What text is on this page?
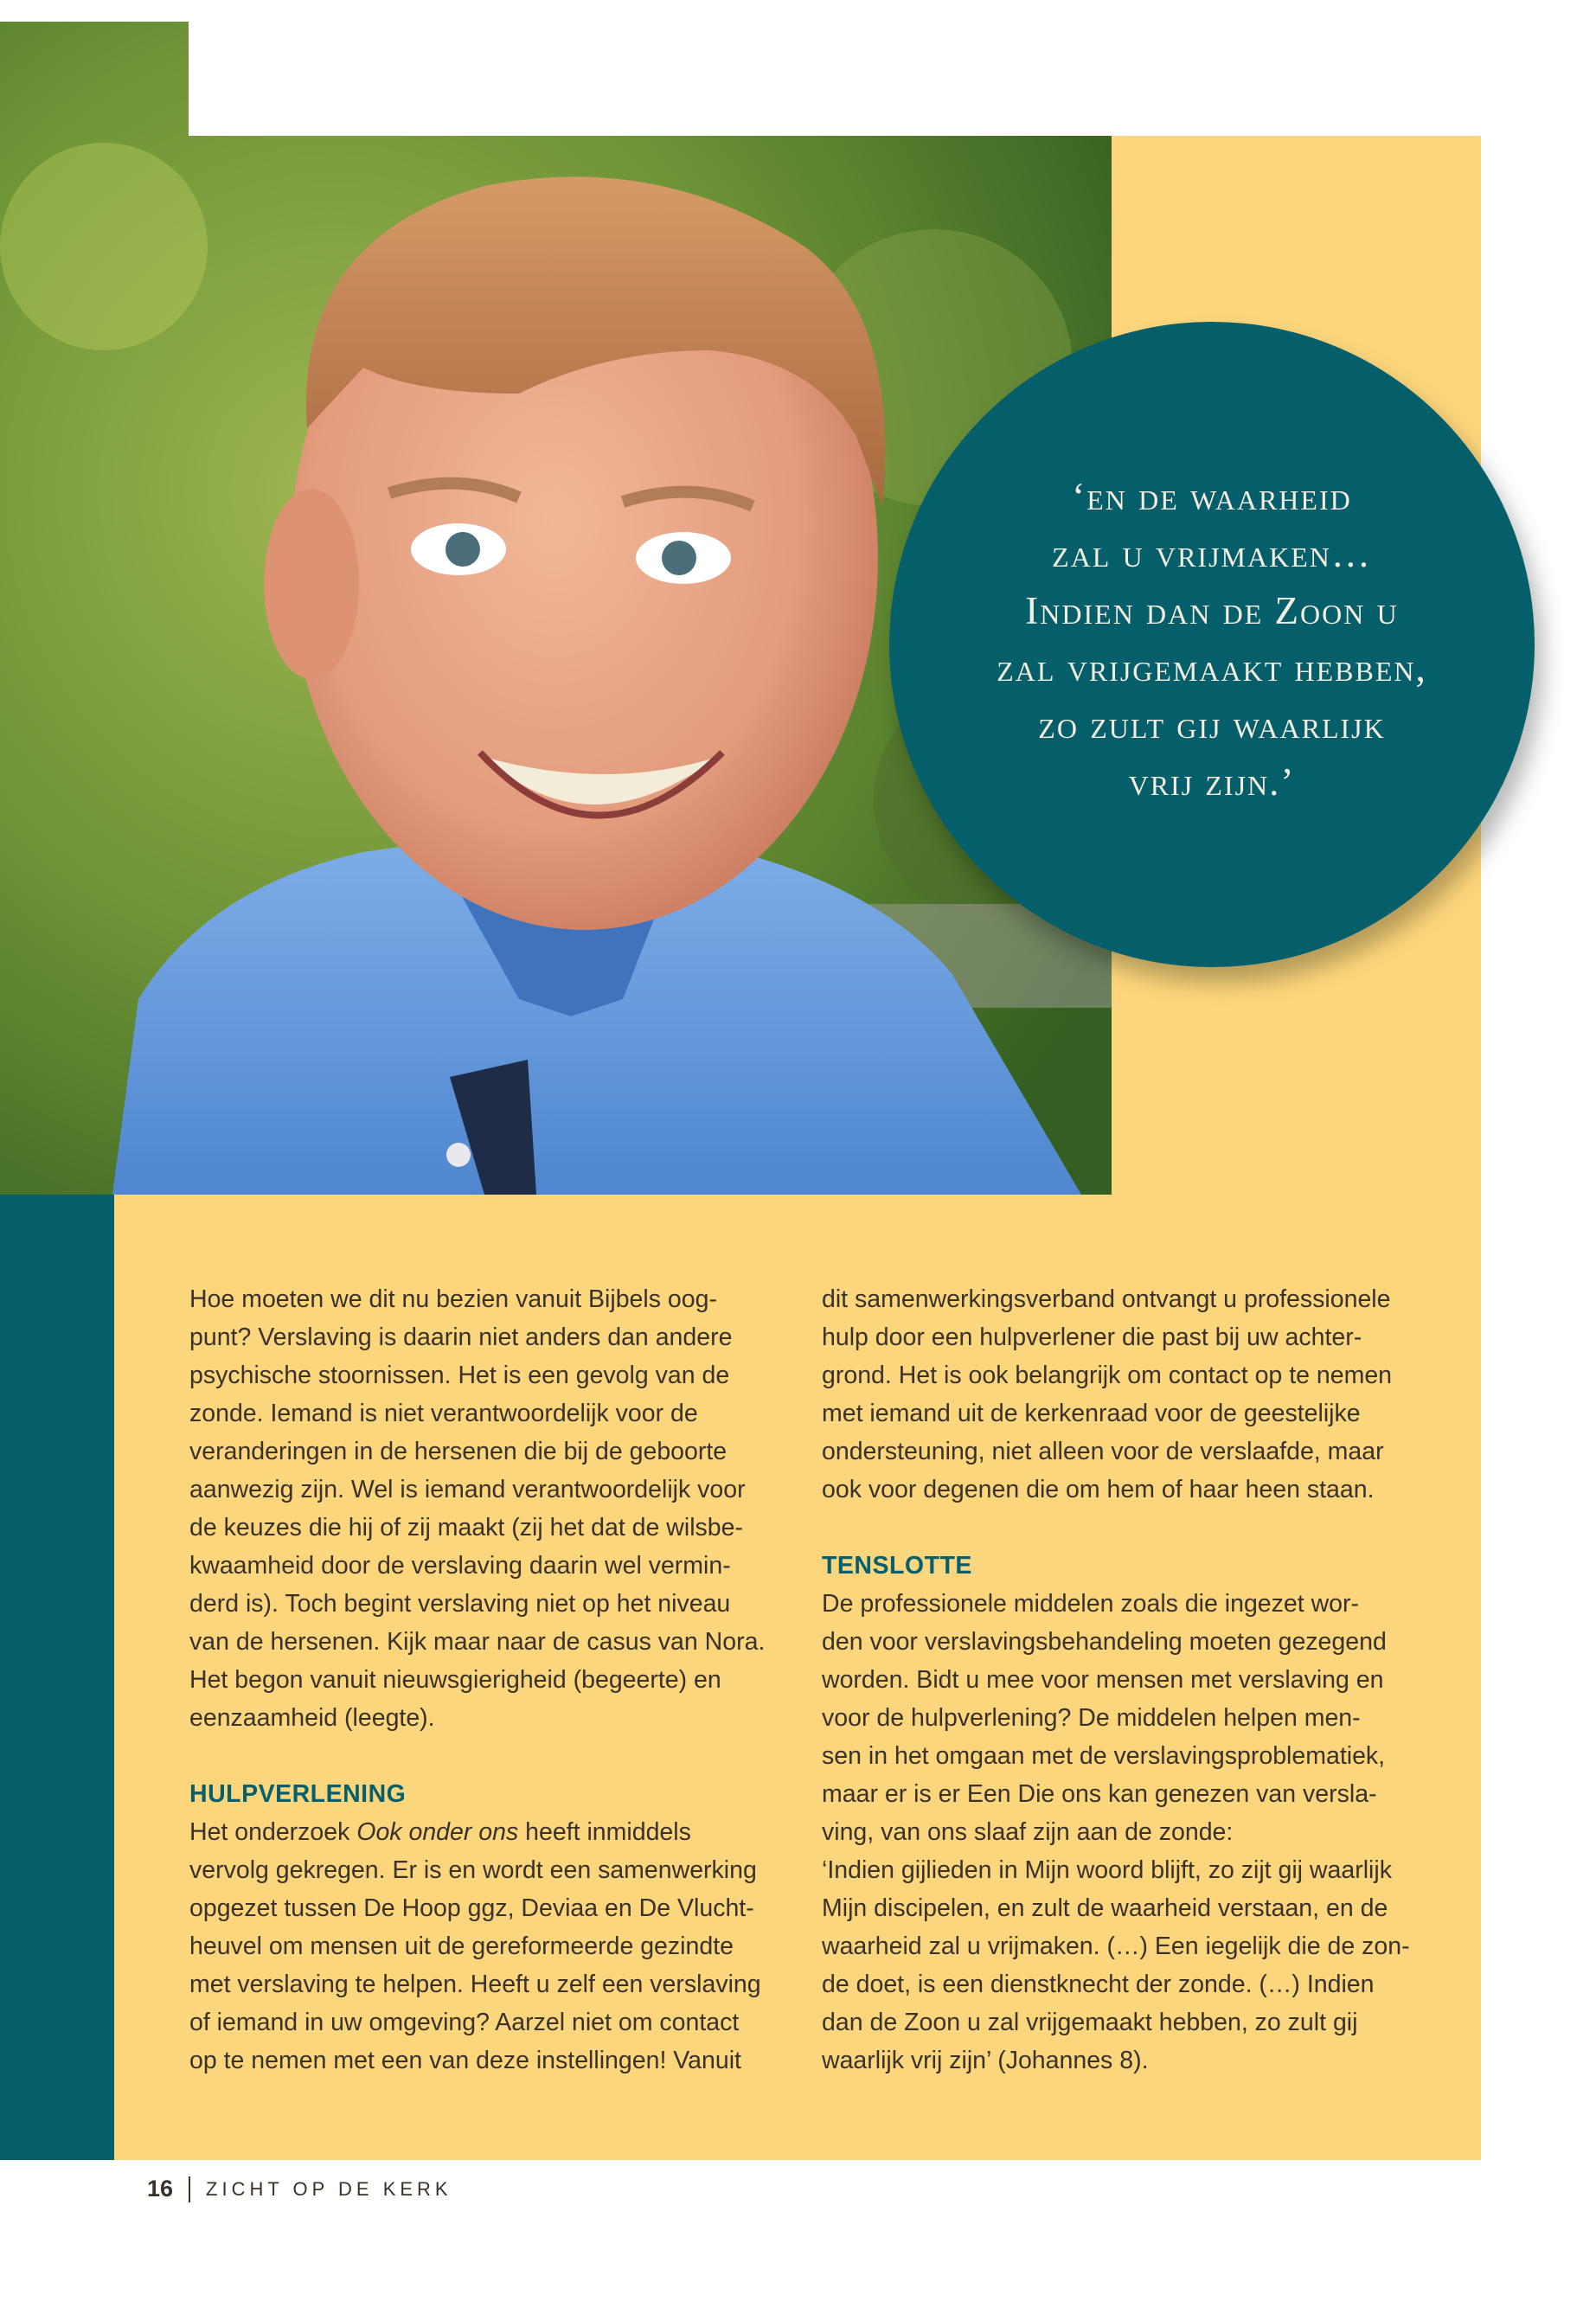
‘en de waarheid
zal u vrijmaken…
Indien dan de Zoon u
zal vrijgemaakt hebben,
zo zult gij waarlijk
vrij zijn.’

Hoe moeten we dit nu bezien vanuit Bijbels oog-
punt? Verslaving is daarin niet anders dan andere
psychische stoornissen. Het is een gevolg van de
zonde. Iemand is niet verantwoordelijk voor de
veranderingen in de hersenen die bij de geboorte
aanwezig zijn. Wel is iemand verantwoordelijk voor
de keuzes die hij of zij maakt (zij het dat de wilsbe-
kwaamheid door de verslaving daarin wel vermin-
derd is). Toch begint verslaving niet op het niveau
van de hersenen. Kijk maar naar de casus van Nora.
Het begon vanuit nieuwsgierigheid (begeerte) en
eenzaamheid (leegte).

HULPVERLENING

Het onderzoek Ook onder ons heeft inmiddels
vervolg gekregen. Er is en wordt een samenwerking
opgezet tussen De Hoop ggz, Deviaa en De Vlucht-
heuvel om mensen uit de gereformeerde gezindte
met verslaving te helpen. Heeft u zelf een verslaving
of iemand in uw omgeving? Aarzel niet om contact
op te nemen met een van deze instellingen! Vanuit

dit samenwerkingsverband ontvangt u professionele
hulp door een hulpverlener die past bij uw achter-
grond. Het is ook belangrijk om contact op te nemen
met iemand uit de kerkenraad voor de geestelijke
ondersteuning, niet alleen voor de verslaafde, maar
ook voor degenen die om hem of haar heen staan.

TENSLOTTE

De professionele middelen zoals die ingezet wor-
den voor verslavingsbehandeling moeten gezegend
worden. Bidt u mee voor mensen met verslaving en
voor de hulpverlening? De middelen helpen men-
sen in het omgaan met de verslavingsproblematiek,
maar er is er Een Die ons kan genezen van versla-
ving, van ons slaaf zijn aan de zonde:
‘Indien gijlieden in Mijn woord blijft, zo zijt gij waarlijk
Mijn discipelen, en zult de waarheid verstaan, en de
waarheid zal u vrijmaken. (…) Een iegelijk die de zon-
de doet, is een dienstknecht der zonde. (…) Indien
dan de Zoon u zal vrijgemaakt hebben, zo zult gij
waarlijk vrij zijn’ (Johannes 8).

16 ZICHT OP DE KERK
